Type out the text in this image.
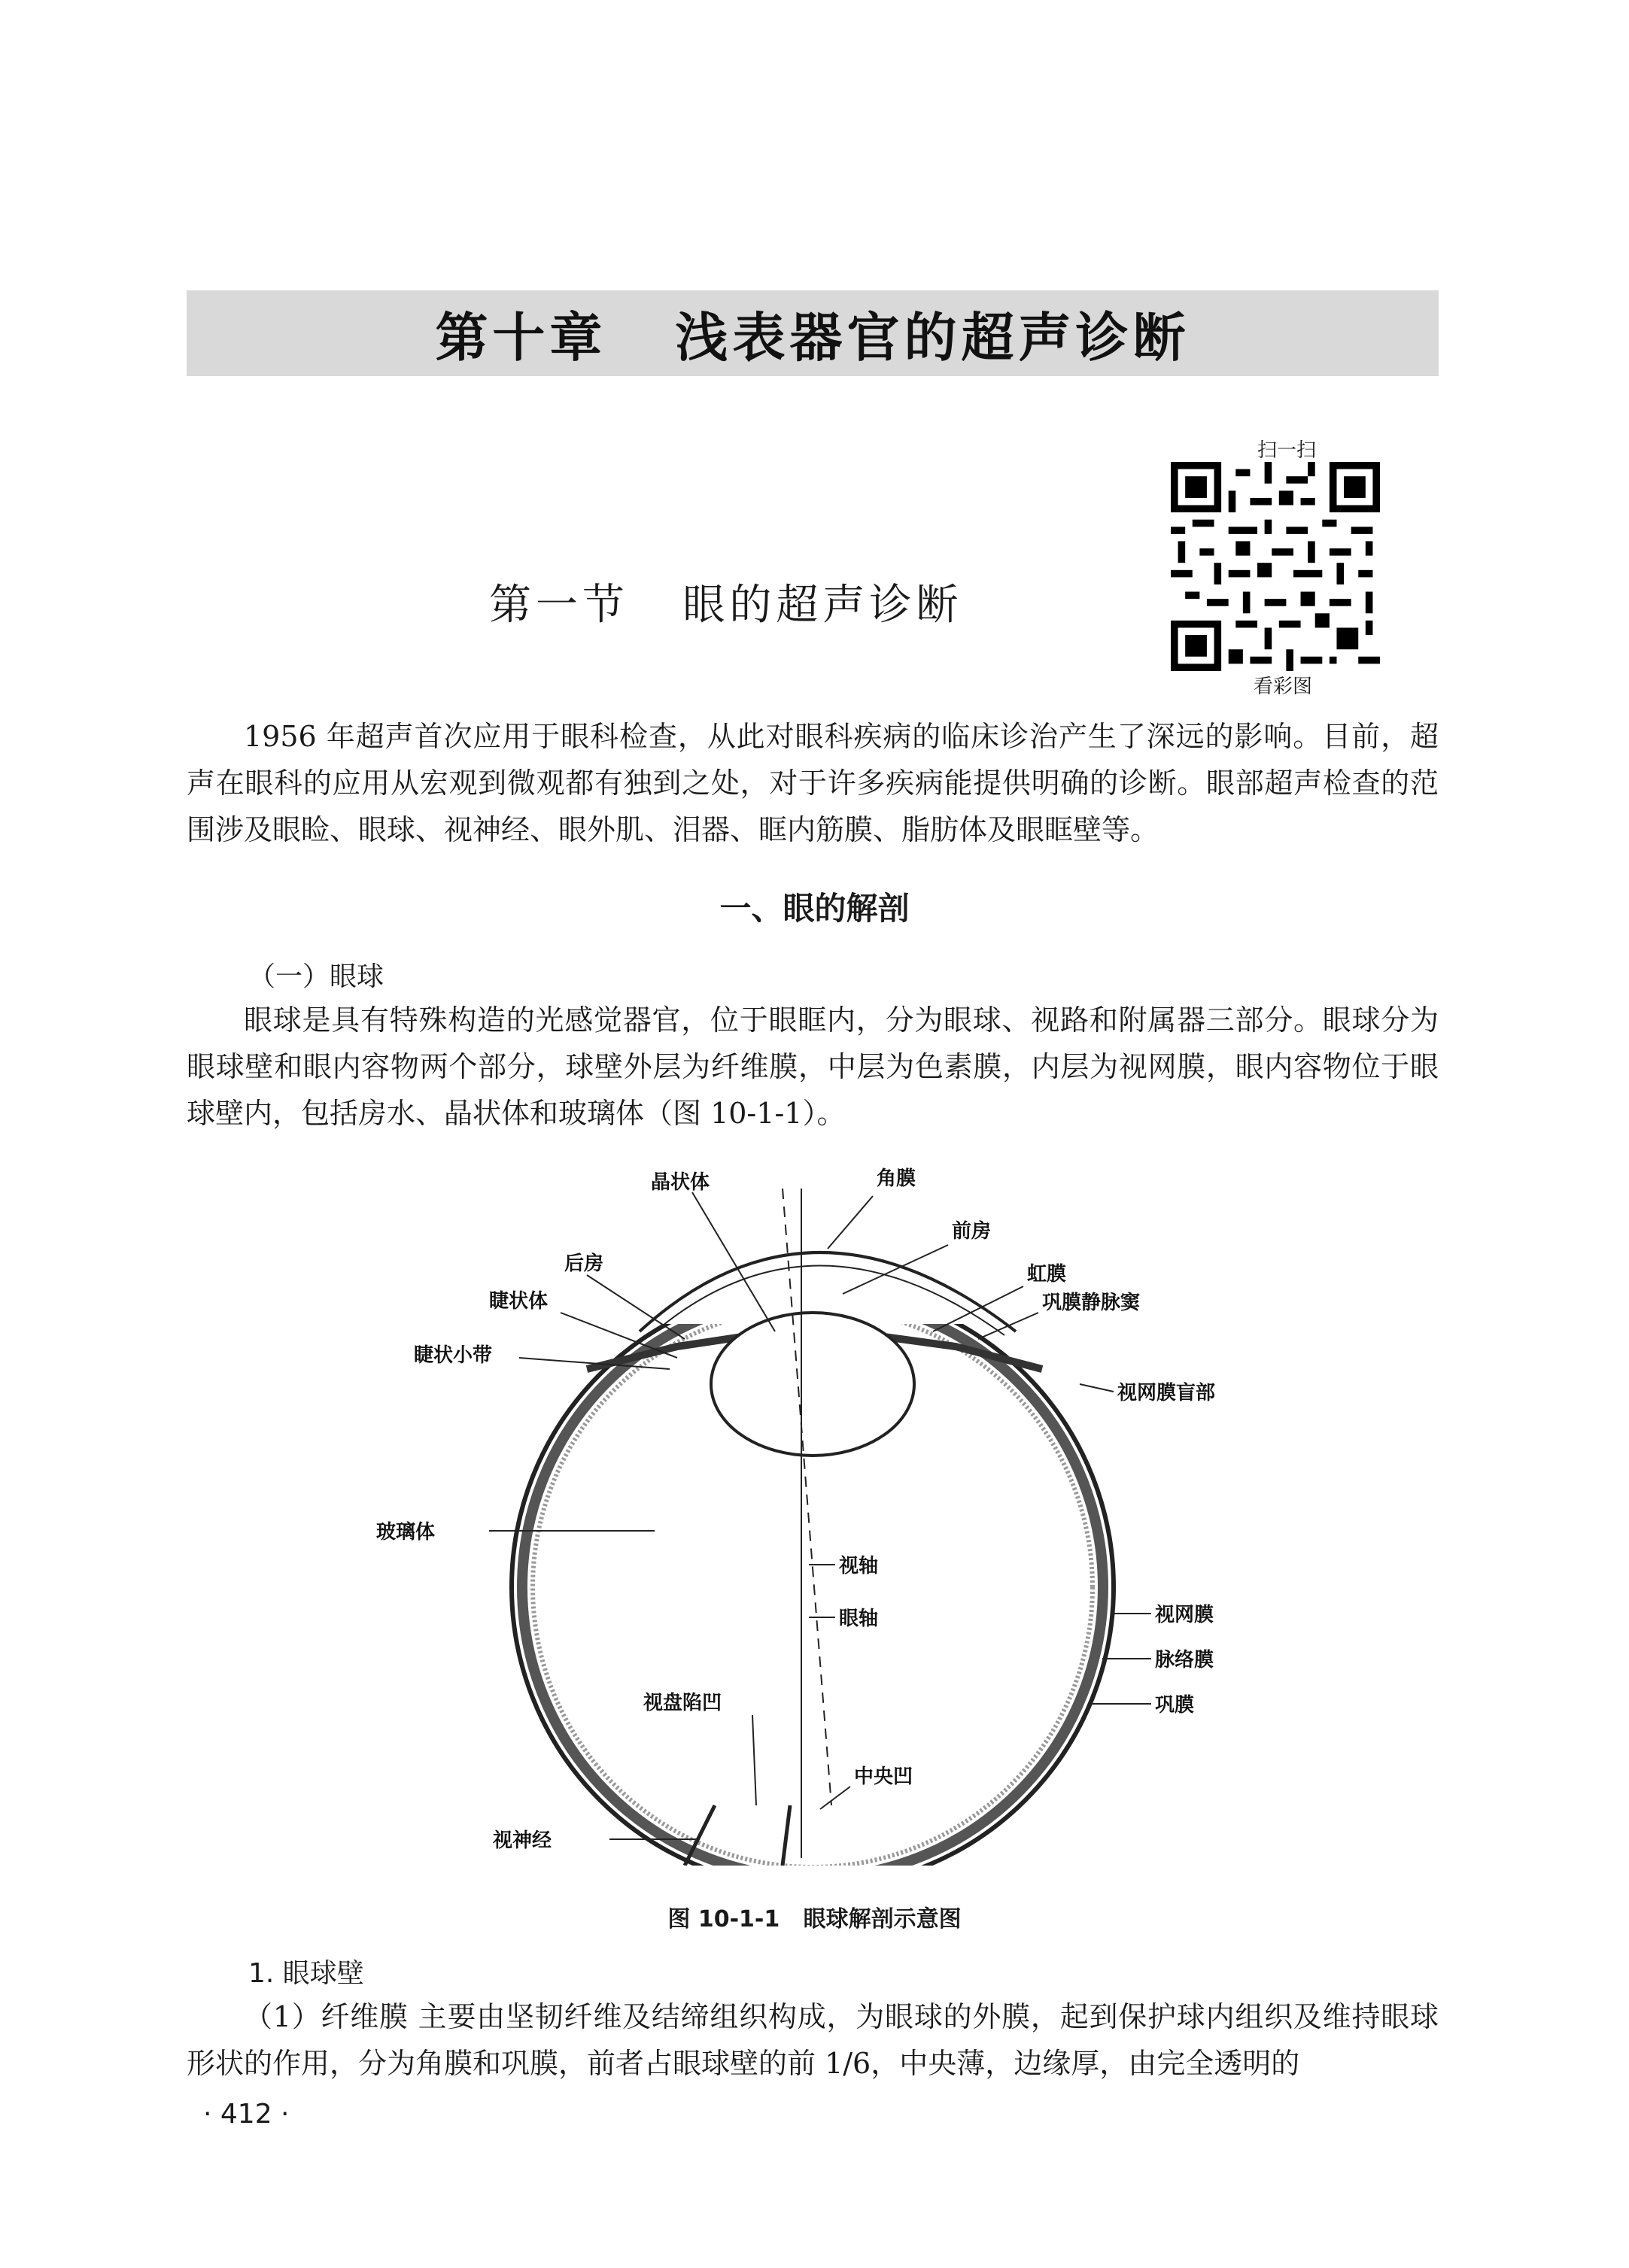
第十章   浅表器官的超声诊断
扫一扫
看彩图
第一节   眼的超声诊断
1956 年超声首次应用于眼科检查，从此对眼科疾病的临床诊治产生了深远的影响。目前，超声在眼科的应用从宏观到微观都有独到之处，对于许多疾病能提供明确的诊断。眼部超声检查的范围涉及眼睑、眼球、视神经、眼外肌、泪器、眶内筋膜、脂肪体及眼眶壁等。
一、眼的解剖
（一）眼球
眼球是具有特殊构造的光感觉器官，位于眼眶内，分为眼球、视路和附属器三部分。眼球分为眼球壁和眼内容物两个部分，球壁外层为纤维膜，中层为色素膜，内层为视网膜，眼内容物位于眼球壁内，包括房水、晶状体和玻璃体（图 10-1-1）。
晶状体	角膜
前房
后房	虹膜
睫状体	巩膜静脉窦
睫状小带
视网膜盲部
玻璃体
视轴
眼轴	视网膜
脉络膜
巩膜
视盘陷凹
中央凹
视神经
图 10-1-1   眼球解剖示意图
1. 眼球壁
（1）纤维膜 主要由坚韧纤维及结缔组织构成，为眼球的外膜，起到保护球内组织及维持眼球形状的作用，分为角膜和巩膜，前者占眼球壁的前 1/6，中央薄，边缘厚，由完全透明的
· 412 ·
